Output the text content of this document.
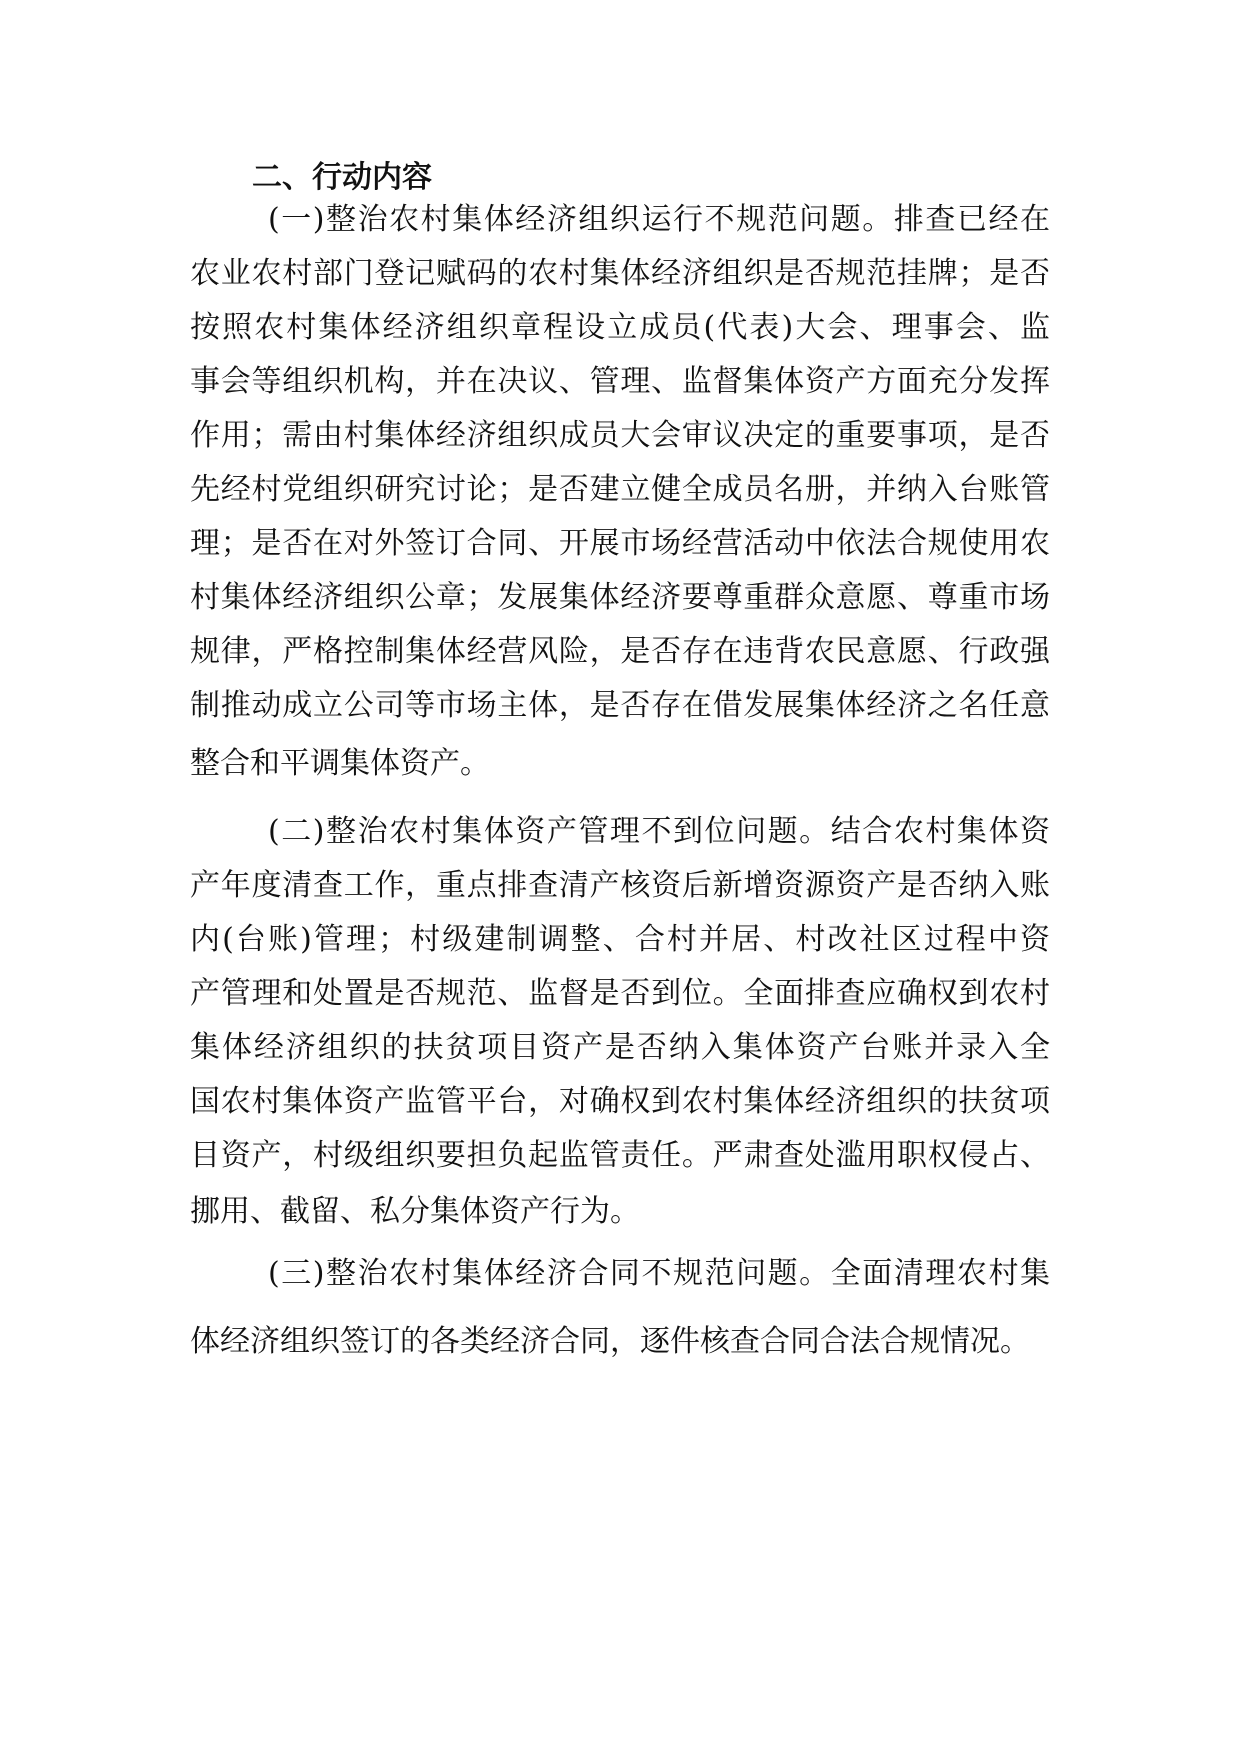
二、行动内容

(一)整治农村集体经济组织运行不规范问题。排查已经在

农业农村部门登记赋码的农村集体经济组织是否规范挂牌；是否

按照农村集体经济组织章程设立成员(代表)大会、理事会、监

事会等组织机构，并在决议、管理、监督集体资产方面充分发挥

作用；需由村集体经济组织成员大会审议决定的重要事项，是否

先经村党组织研究讨论；是否建立健全成员名册，并纳入台账管

理；是否在对外签订合同、开展市场经营活动中依法合规使用农

村集体经济组织公章；发展集体经济要尊重群众意愿、尊重市场

规律，严格控制集体经营风险，是否存在违背农民意愿、行政强

制推动成立公司等市场主体，是否存在借发展集体经济之名任意

整合和平调集体资产。

(二)整治农村集体资产管理不到位问题。结合农村集体资

产年度清查工作，重点排查清产核资后新增资源资产是否纳入账

内(台账)管理；村级建制调整、合村并居、村改社区过程中资

产管理和处置是否规范、监督是否到位。全面排查应确权到农村

集体经济组织的扶贫项目资产是否纳入集体资产台账并录入全

国农村集体资产监管平台，对确权到农村集体经济组织的扶贫项

目资产，村级组织要担负起监管责任。严肃查处滥用职权侵占、

挪用、截留、私分集体资产行为。

(三)整治农村集体经济合同不规范问题。全面清理农村集

体经济组织签订的各类经济合同，逐件核查合同合法合规情况。
